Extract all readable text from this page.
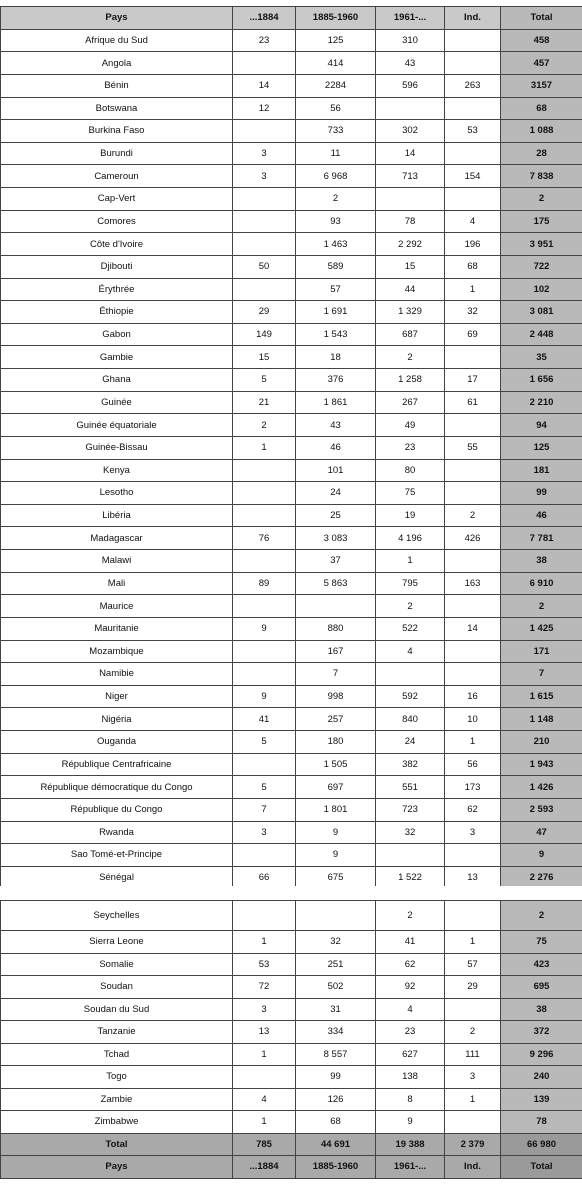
Pays	...1884	1885-1960	1961-...	Ind.	Total
Afrique du Sud	23	125	310		458
Angola		414	43		457
Bénin	14	2284	596	263	3157
Botswana	12	56			68
Burkina Faso		733	302	53	1 088
Burundi	3	11	14		28
Cameroun	3	6 968	713	154	7 838
Cap-Vert		2			2
Comores		93	78	4	175
Côte d'Ivoire		1 463	2 292	196	3 951
Djibouti	50	589	15	68	722
Érythrée		57	44	1	102
Éthiopie	29	1 691	1 329	32	3 081
Gabon	149	1 543	687	69	2 448
Gambie	15	18	2		35
Ghana	5	376	1 258	17	1 656
Guinée	21	1 861	267	61	2 210
Guinée équatoriale	2	43	49		94
Guinée-Bissau	1	46	23	55	125
Kenya		101	80		181
Lesotho		24	75		99
Libéria		25	19	2	46
Madagascar	76	3 083	4 196	426	7 781
Malawi		37	1		38
Mali	89	5 863	795	163	6 910
Maurice			2		2
Mauritanie	9	880	522	14	1 425
Mozambique		167	4		171
Namibie		7			7
Niger	9	998	592	16	1 615
Nigéria	41	257	840	10	1 148
Ouganda	5	180	24	1	210
République Centrafricaine		1 505	382	56	1 943
République démocratique du Congo	5	697	551	173	1 426
République du Congo	7	1 801	723	62	2 593
Rwanda	3	9	32	3	47
Sao Tomé-et-Principe		9			9
Sénégal	66	675	1 522	13	2 276
Seychelles			2		2
Sierra Leone	1	32	41	1	75
Somalie	53	251	62	57	423
Soudan	72	502	92	29	695
Soudan du Sud	3	31	4		38
Tanzanie	13	334	23	2	372
Tchad	1	8 557	627	111	9 296
Togo		99	138	3	240
Zambie	4	126	8	1	139
Zimbabwe	1	68	9		78
Total	785	44 691	19 388	2 379	66 980
Pays	...1884	1885-1960	1961-...	Ind.	Total
